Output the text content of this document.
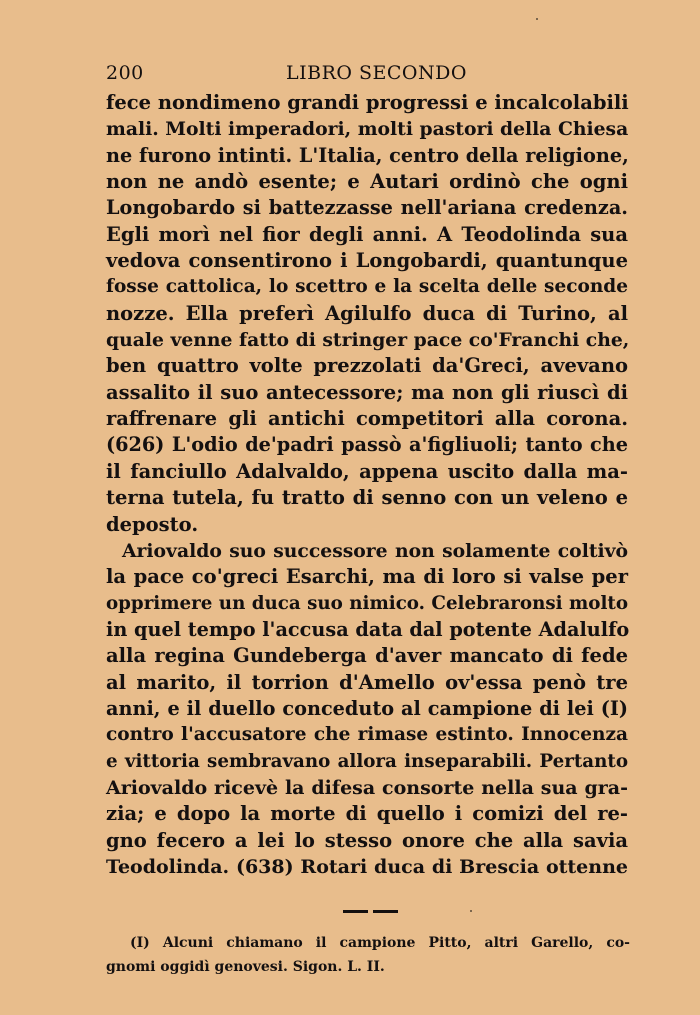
200	LIBRO SECONDO
fece nondimeno grandi progressi e incalcolabili
mali. Molti imperadori, molti pastori della Chiesa
ne furono intinti. L'Italia, centro della religione,
non ne andò esente; e Autari ordinò che ogni
Longobardo si battezzasse nell'ariana credenza.
Egli morì nel fior degli anni. A Teodolinda sua
vedova consentirono i Longobardi, quantunque
fosse cattolica, lo scettro e la scelta delle seconde
nozze. Ella preferì Agilulfo duca di Turino, al
quale venne fatto di stringer pace co'Franchi che,
ben quattro volte prezzolati da'Greci, avevano
assalito il suo antecessore; ma non gli riuscì di
raffrenare gli antichi competitori alla corona.
(626) L'odio de'padri passò a'figliuoli; tanto che
il fanciullo Adalvaldo, appena uscito dalla ma-
terna tutela, fu tratto di senno con un veleno e
deposto.
Ariovaldo suo successore non solamente coltivò
la pace co'greci Esarchi, ma di loro si valse per
opprimere un duca suo nimico. Celebraronsi molto
in quel tempo l'accusa data dal potente Adalulfo
alla regina Gundeberga d'aver mancato di fede
al marito, il torrion d'Amello ov'essa penò tre
anni, e il duello conceduto al campione di lei (I)
contro l'accusatore che rimase estinto. Innocenza
e vittoria sembravano allora inseparabili. Pertanto
Ariovaldo ricevè la difesa consorte nella sua gra-
zia; e dopo la morte di quello i comizi del re-
gno fecero a lei lo stesso onore che alla savia
Teodolinda. (638) Rotari duca di Brescia ottenne
(I) Alcuni chiamano il campione Pitto, altri Garello, co-
gnomi oggidì genovesi. Sigon. L. II.
